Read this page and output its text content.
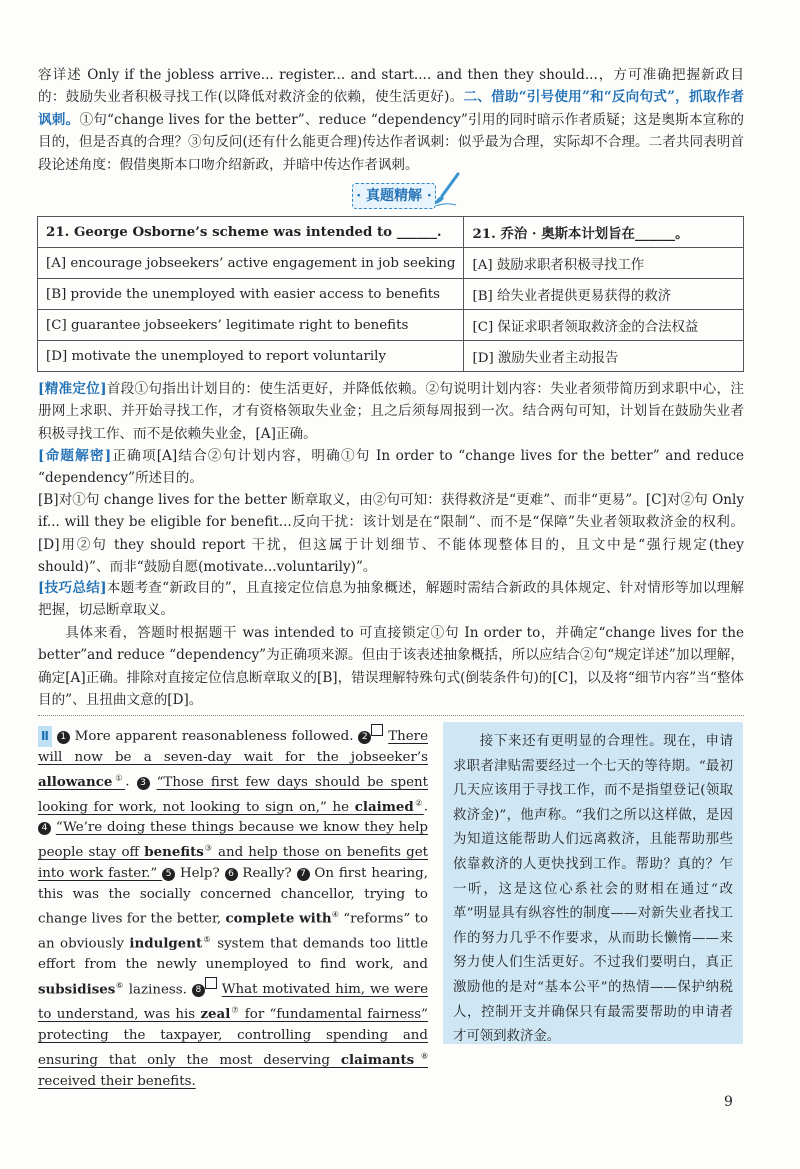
容详述 Only if the jobless arrive... register... and start.... and then they should...，方可准确把握新政目的：鼓励失业者积极寻找工作(以降低对救济金的依赖，使生活更好)。二、借助“引号使用”和“反向句式”，抓取作者讽刺。①句“change lives for the better”、reduce “dependency”引用的同时暗示作者质疑；这是奥斯本宣称的目的，但是否真的合理？③句反问(还有什么能更合理)传达作者讽刺：似乎最为合理，实际却不合理。二者共同表明首段论述角度：假借奥斯本口吻介绍新政，并暗中传达作者讽刺。
· 真题精解 ·
21. George Osborne’s scheme was intended to ______.	21. 乔治 · 奥斯本计划旨在______。
[A] encourage jobseekers’ active engagement in job seeking	[A] 鼓励求职者积极寻找工作
[B] provide the unemployed with easier access to benefits	[B] 给失业者提供更易获得的救济
[C] guarantee jobseekers’ legitimate right to benefits	[C] 保证求职者领取救济金的合法权益
[D] motivate the unemployed to report voluntarily	[D] 激励失业者主动报告
[精准定位]首段①句指出计划目的：使生活更好，并降低依赖。②句说明计划内容：失业者须带简历到求职中心，注册网上求职、并开始寻找工作，才有资格领取失业金；且之后须每周报到一次。结合两句可知，计划旨在鼓励失业者积极寻找工作、而不是依赖失业金，[A]正确。
[命题解密]正确项[A]结合②句计划内容，明确①句 In order to “change lives for the better” and reduce “dependency”所述目的。
[B]对①句 change lives for the better 断章取义，由②句可知：获得救济是“更难”、而非“更易”。[C]对②句 Only if... will they be eligible for benefit...反向干扰：该计划是在“限制”、而不是“保障”失业者领取救济金的权利。[D]用②句 they should report 干扰，但这属于计划细节、不能体现整体目的，且文中是“强行规定(they should)”、而非“鼓励自愿(motivate...voluntarily)”。
[技巧总结]本题考查“新政目的”，且直接定位信息为抽象概述，解题时需结合新政的具体规定、针对情形等加以理解把握，切忌断章取义。
具体来看，答题时根据题干 was intended to 可直接锁定①句 In order to，并确定“change lives for the better”and reduce “dependency”为正确项来源。但由于该表述抽象概括，所以应结合②句“规定详述”加以理解，确定[A]正确。排除对直接定位信息断章取义的[B]，错误理解特殊句式(倒装条件句)的[C]，以及将“细节内容”当“整体目的”、且扭曲文意的[D]。
Ⅱ 1 More apparent reasonableness followed. 2 There will now be a seven-day wait for the jobseeker’s allowance①. 3 “Those first few days should be spent looking for work, not looking to sign on,” he claimed②. 4 “We’re doing these things because we know they help people stay off benefits③ and help those on benefits get into work faster.” 5 Help? 6 Really? 7 On first hearing, this was the socially concerned chancellor, trying to change lives for the better, complete with④ “reforms” to an obviously indulgent⑤ system that demands too little effort from the newly unemployed to find work, and subsidises⑥ laziness. 8 What motivated him, we were to understand, was his zeal⑦ for “fundamental fairness” protecting the taxpayer, controlling spending and ensuring that only the most deserving claimants⑧ received their benefits.
接下来还有更明显的合理性。现在，申请求职者津贴需要经过一个七天的等待期。“最初几天应该用于寻找工作，而不是指望登记(领取救济金)”，他声称。“我们之所以这样做，是因为知道这能帮助人们远离救济，且能帮助那些依靠救济的人更快找到工作。帮助？真的？乍一听，这是这位心系社会的财相在通过“改革”明显具有纵容性的制度——对新失业者找工作的努力几乎不作要求，从而助长懒惰——来努力使人们生活更好。不过我们要明白，真正激励他的是对“基本公平”的热情——保护纳税人，控制开支并确保只有最需要帮助的申请者才可领到救济金。
9
